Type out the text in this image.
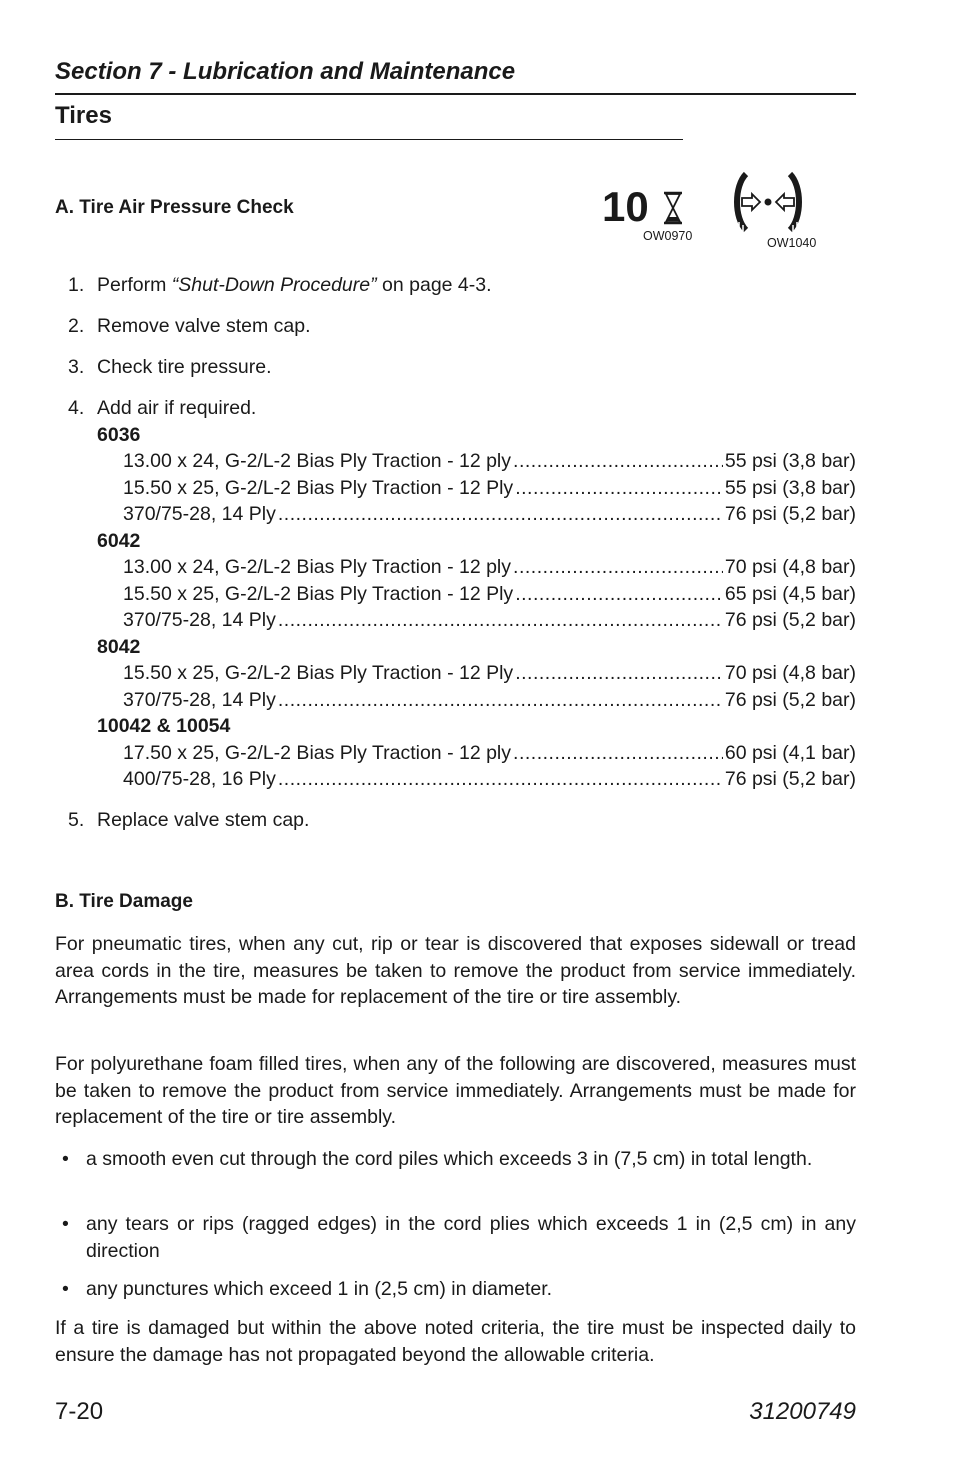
Section 7 - Lubrication and Maintenance
Tires
A. Tire Air Pressure Check	10
OW0970	OW1040
1. Perform “Shut-Down Procedure” on page 4-3.
2. Remove valve stem cap.
3. Check tire pressure.
4. Add air if required.
6036
13.00 x 24, G-2/L-2 Bias Ply Traction - 12 ply .....	55 psi (3,8 bar)
15.50 x 25, G-2/L-2 Bias Ply Traction - 12 Ply .....	55 psi (3,8 bar)
370/75-28, 14 Ply .....	76 psi (5,2 bar)
6042
13.00 x 24, G-2/L-2 Bias Ply Traction - 12 ply .....	70 psi (4,8 bar)
15.50 x 25, G-2/L-2 Bias Ply Traction - 12 Ply .....	65 psi (4,5 bar)
370/75-28, 14 Ply .....	76 psi (5,2 bar)
8042
15.50 x 25, G-2/L-2 Bias Ply Traction - 12 Ply .....	70 psi (4,8 bar)
370/75-28, 14 Ply .....	76 psi (5,2 bar)
10042 & 10054
17.50 x 25, G-2/L-2 Bias Ply Traction - 12 ply .....	60 psi (4,1 bar)
400/75-28, 16 Ply .....	76 psi (5,2 bar)
5. Replace valve stem cap.
B. Tire Damage
For pneumatic tires, when any cut, rip or tear is discovered that exposes sidewall or tread area cords in the tire, measures be taken to remove the product from service immediately. Arrangements must be made for replacement of the tire or tire assembly.
For polyurethane foam filled tires, when any of the following are discovered, measures must be taken to remove the product from service immediately. Arrangements must be made for replacement of the tire or tire assembly.
• a smooth even cut through the cord piles which exceeds 3 in (7,5 cm) in total length.
• any tears or rips (ragged edges) in the cord plies which exceeds 1 in (2,5 cm) in any direction
• any punctures which exceed 1 in (2,5 cm) in diameter.
If a tire is damaged but within the above noted criteria, the tire must be inspected daily to ensure the damage has not propagated beyond the allowable criteria.
7-20	31200749
